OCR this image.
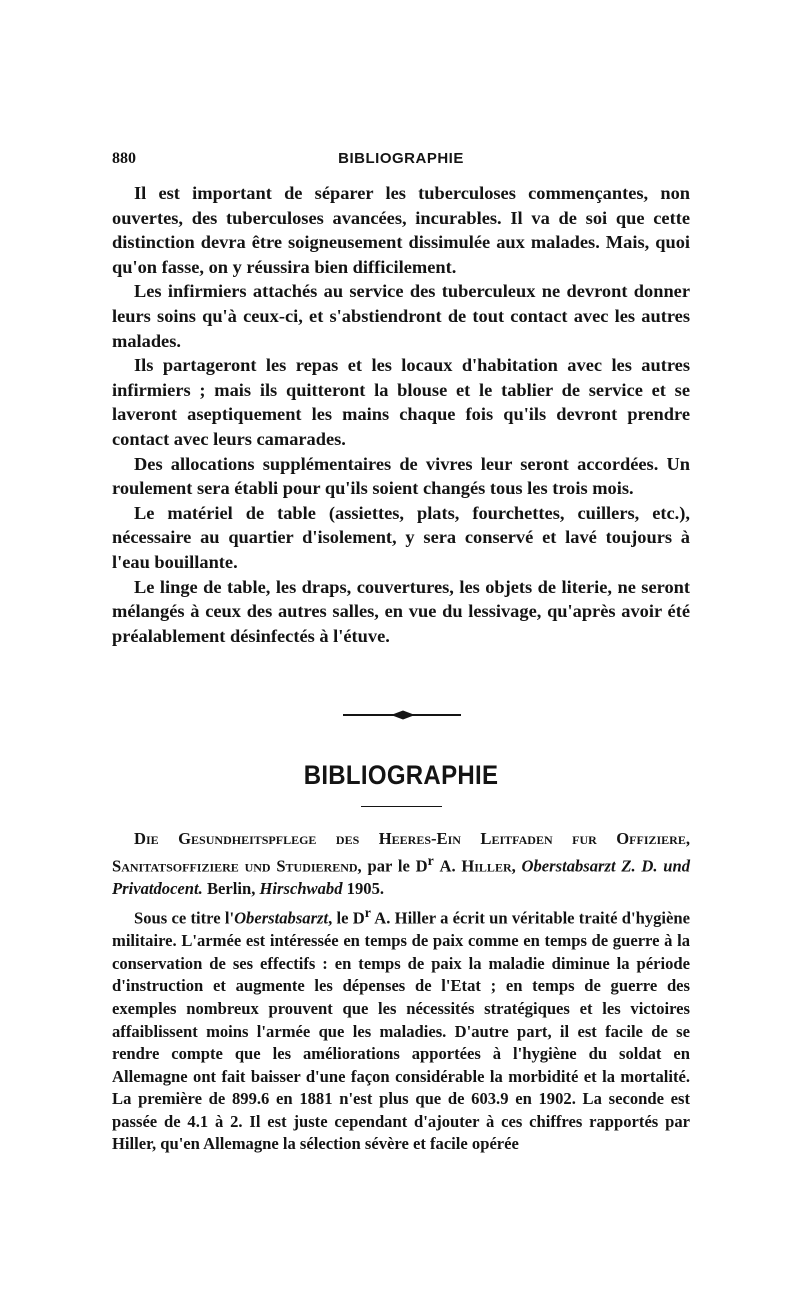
880	BIBLIOGRAPHIE

Il est important de séparer les tuberculoses commençantes, non ouvertes, des tuberculoses avancées, incurables. Il va de soi que cette distinction devra être soigneusement dissimulée aux malades. Mais, quoi qu'on fasse, on y réussira bien difficilement.

Les infirmiers attachés au service des tuberculeux ne devront donner leurs soins qu'à ceux-ci, et s'abstiendront de tout contact avec les autres malades.

Ils partageront les repas et les locaux d'habitation avec les autres infirmiers ; mais ils quitteront la blouse et le tablier de service et se laveront aseptiquement les mains chaque fois qu'ils devront prendre contact avec leurs camarades.

Des allocations supplémentaires de vivres leur seront accordées. Un roulement sera établi pour qu'ils soient changés tous les trois mois.

Le matériel de table (assiettes, plats, fourchettes, cuillers, etc.), nécessaire au quartier d'isolement, y sera conservé et lavé toujours à l'eau bouillante.

Le linge de table, les draps, couvertures, les objets de literie, ne seront mélangés à ceux des autres salles, en vue du lessivage, qu'après avoir été préalablement désinfectés à l'étuve.

BIBLIOGRAPHIE

Die Gesundheitspflege des Heeres-Ein Leitfaden fur Offiziere, Sanitatsoffiziere und Studierend, par le $D^r$ A. Hiller, Oberstabsarzt Z. D. und Privatdocent. Berlin, Hirschwabd 1905.

Sous ce titre l'Oberstabsarzt, le $D^r$ A. Hiller a écrit un véritable traité d'hygiène militaire. L'armée est intéressée en temps de paix comme en temps de guerre à la conservation de ses effectifs : en temps de paix la maladie diminue la période d'instruction et augmente les dépenses de l'Etat ; en temps de guerre des exemples nombreux prouvent que les nécessités stratégiques et les victoires affaiblissent moins l'armée que les maladies. D'autre part, il est facile de se rendre compte que les améliorations apportées à l'hygiène du soldat en Allemagne ont fait baisser d'une façon considérable la morbidité et la mortalité. La première de 899.6 en 1881 n'est plus que de 603.9 en 1902. La seconde est passée de 4.1 à 2. Il est juste cependant d'ajouter à ces chiffres rapportés par Hiller, qu'en Allemagne la sélection sévère et facile opérée
